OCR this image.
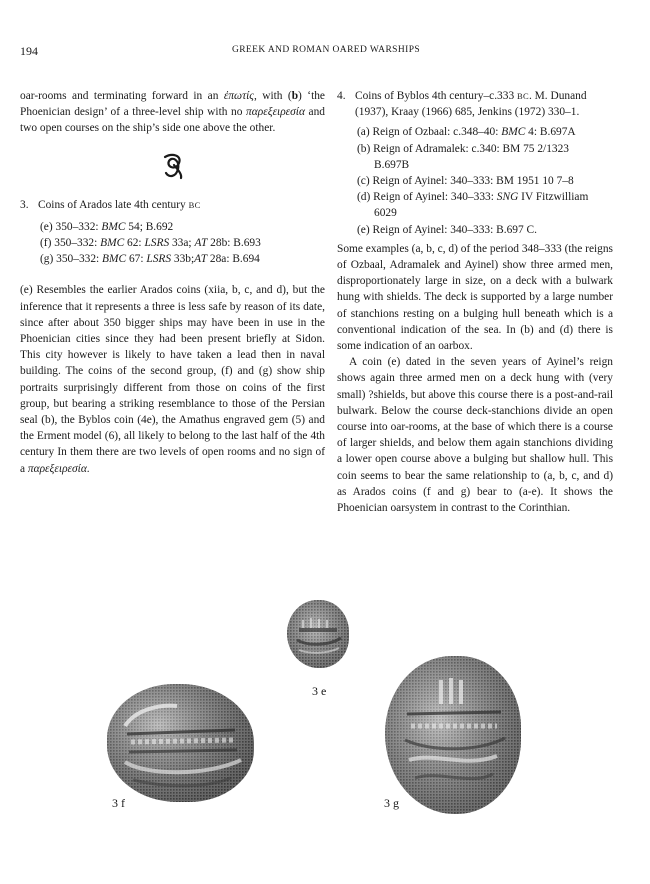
194	GREEK AND ROMAN OARED WARSHIPS

oar-rooms and terminating forward in an ἐπωτίς, with (b) ‘the Phoenician design’ of a three-level ship with no παρεξειρεσία and two open courses on the ship’s side one above the other.

3. Coins of Arados late 4th century BC
(e) 350–332: BMC 54; B.692
(f) 350–332: BMC 62: LSRS 33a; AT 28b: B.693
(g) 350–332: BMC 67: LSRS 33b;AT 28a: B.694

(e) Resembles the earlier Arados coins (xiia, b, c, and d), but the inference that it represents a three is less safe by reason of its date, since after about 350 bigger ships may have been in use in the Phoenician cities since they had been present briefly at Sidon. This city however is likely to have taken a lead then in naval building. The coins of the second group, (f) and (g) show ship portraits surprisingly different from those on coins of the first group, but bearing a striking resemblance to those of the Persian seal (b), the Byblos coin (4e), the Amathus engraved gem (5) and the Erment model (6), all likely to belong to the last half of the 4th century In them there are two levels of open rooms and no sign of a παρεξειρεσία.

4. Coins of Byblos 4th century–c.333 BC. M. Dunand (1937), Kraay (1966) 685, Jenkins (1972) 330–1.
(a) Reign of Ozbaal: c.348–40: BMC 4: B.697A
(b) Reign of Adramalek: c.340: BM 75 2/1323
B.697B
(c) Reign of Ayinel: 340–333: BM 1951 10 7–8
(d) Reign of Ayinel: 340–333: SNG IV Fitzwilliam
6029
(e) Reign of Ayinel: 340–333: B.697 C.

Some examples (a, b, c, d) of the period 348–333 (the reigns of Ozbaal, Adramalek and Ayinel) show three armed men, disproportionately large in size, on a deck with a bulwark hung with shields. The deck is supported by a large number of stanchions resting on a bulging hull beneath which is a conventional indication of the sea. In (b) and (d) there is some indication of an oarbox.

A coin (e) dated in the seven years of Ayinel’s reign shows again three armed men on a deck hung with (very small) ?shields, but above this course there is a post-and-rail bulwark. Below the course deck-stanchions divide an open course into oar-rooms, at the base of which there is a course of larger shields, and below them again stanchions dividing a lower open course above a bulging but shallow hull. This coin seems to bear the same relationship to (a, b, c, and d) as Arados coins (f and g) bear to (a-e). It shows the Phoenician oarsystem in contrast to the Corinthian.

3 e
3 f	3 g
